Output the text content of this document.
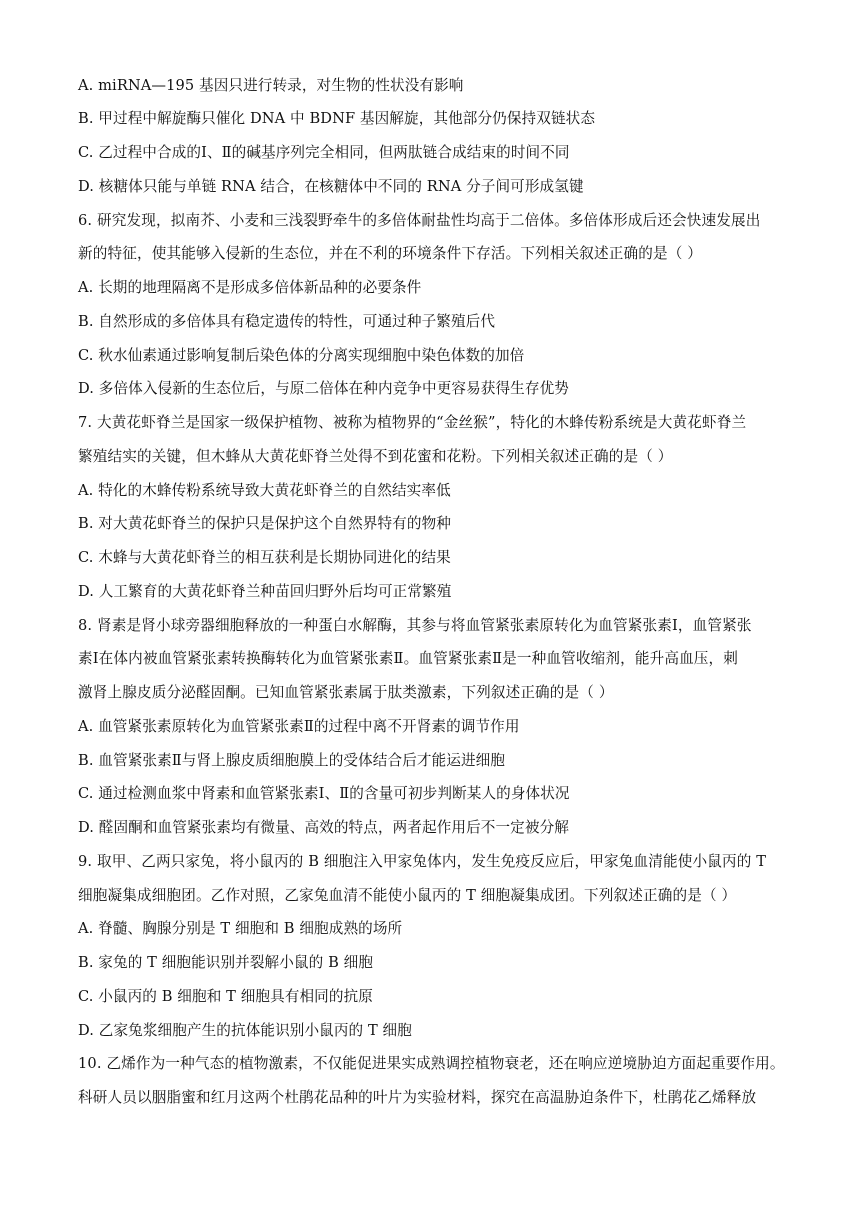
A. miRNA—195 基因只进行转录，对生物的性状没有影响
B. 甲过程中解旋酶只催化 DNA 中 BDNF 基因解旋，其他部分仍保持双链状态
C. 乙过程中合成的Ⅰ、Ⅱ的碱基序列完全相同，但两肽链合成结束的时间不同
D. 核糖体只能与单链 RNA 结合，在核糖体中不同的 RNA 分子间可形成氢键
6. 研究发现，拟南芥、小麦和三浅裂野牵牛的多倍体耐盐性均高于二倍体。多倍体形成后还会快速发展出
新的特征，使其能够入侵新的生态位，并在不利的环境条件下存活。下列相关叙述正确的是（ ）
A. 长期的地理隔离不是形成多倍体新品种的必要条件
B. 自然形成的多倍体具有稳定遗传的特性，可通过种子繁殖后代
C. 秋水仙素通过影响复制后染色体的分离实现细胞中染色体数的加倍
D. 多倍体入侵新的生态位后，与原二倍体在种内竞争中更容易获得生存优势
7. 大黄花虾脊兰是国家一级保护植物、被称为植物界的“金丝猴”，特化的木蜂传粉系统是大黄花虾脊兰
繁殖结实的关键，但木蜂从大黄花虾脊兰处得不到花蜜和花粉。下列相关叙述正确的是（ ）
A. 特化的木蜂传粉系统导致大黄花虾脊兰的自然结实率低
B. 对大黄花虾脊兰的保护只是保护这个自然界特有的物种
C. 木蜂与大黄花虾脊兰的相互获利是长期协同进化的结果
D. 人工繁育的大黄花虾脊兰种苗回归野外后均可正常繁殖
8. 肾素是肾小球旁器细胞释放的一种蛋白水解酶，其参与将血管紧张素原转化为血管紧张素Ⅰ，血管紧张
素Ⅰ在体内被血管紧张素转换酶转化为血管紧张素Ⅱ。血管紧张素Ⅱ是一种血管收缩剂，能升高血压，刺
激肾上腺皮质分泌醛固酮。已知血管紧张素属于肽类激素，下列叙述正确的是（ ）
A. 血管紧张素原转化为血管紧张素Ⅱ的过程中离不开肾素的调节作用
B. 血管紧张素Ⅱ与肾上腺皮质细胞膜上的受体结合后才能运进细胞
C. 通过检测血浆中肾素和血管紧张素Ⅰ、Ⅱ的含量可初步判断某人的身体状况
D. 醛固酮和血管紧张素均有微量、高效的特点，两者起作用后不一定被分解
9. 取甲、乙两只家兔，将小鼠丙的 B 细胞注入甲家兔体内，发生免疫反应后，甲家兔血清能使小鼠丙的 T
细胞凝集成细胞团。乙作对照，乙家兔血清不能使小鼠丙的 T 细胞凝集成团。下列叙述正确的是（ ）
A. 脊髓、胸腺分别是 T 细胞和 B 细胞成熟的场所
B. 家兔的 T 细胞能识别并裂解小鼠的 B 细胞
C. 小鼠丙的 B 细胞和 T 细胞具有相同的抗原
D. 乙家兔浆细胞产生的抗体能识别小鼠丙的 T 细胞
10. 乙烯作为一种气态的植物激素，不仅能促进果实成熟调控植物衰老，还在响应逆境胁迫方面起重要作用。
科研人员以胭脂蜜和红月这两个杜鹃花品种的叶片为实验材料，探究在高温胁迫条件下，杜鹃花乙烯释放
